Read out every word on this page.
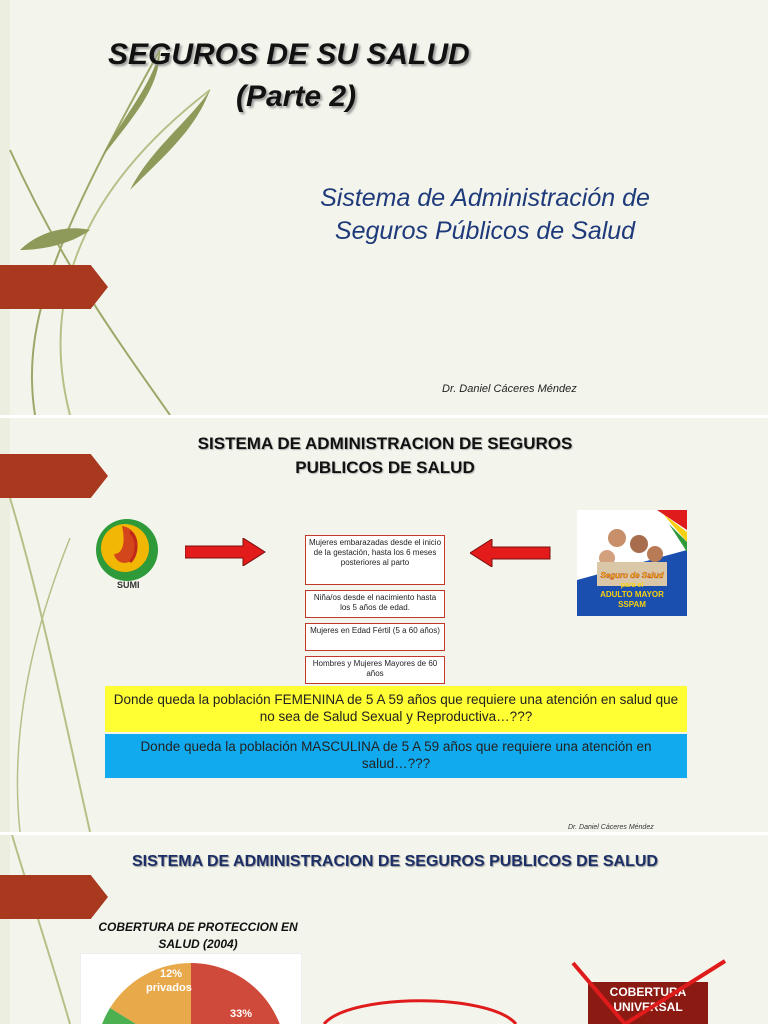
SEGUROS DE SU SALUD
(Parte 2)
Sistema de Administración de
Seguros Públicos de Salud
Dr. Daniel Cáceres Méndez
SISTEMA DE ADMINISTRACION DE SEGUROS
PUBLICOS DE SALUD
SUMI
Seguro de Salud
para el
ADULTO MAYOR
SSPAM
Mujeres embarazadas desde el inicio de la gestación, hasta los 6 meses posteriores al parto
Niña/os desde el nacimiento hasta los 5 años de edad.
Mujeres en Edad Fértil (5 a 60 años)
Hombres y Mujeres Mayores de 60 años
Donde queda la población FEMENINA de 5 A 59 años que requiere una atención en salud que no sea de Salud Sexual y Reproductiva…???
Donde queda la población MASCULINA de 5 A 59 años que requiere una atención en salud…???
Dr. Daniel Cáceres Méndez
SISTEMA DE ADMINISTRACION DE SEGUROS PUBLICOS DE SALUD
COBERTURA DE PROTECCION EN
SALUD (2004)
12%
privados
33%
COBERTURA
UNIVERSAL
